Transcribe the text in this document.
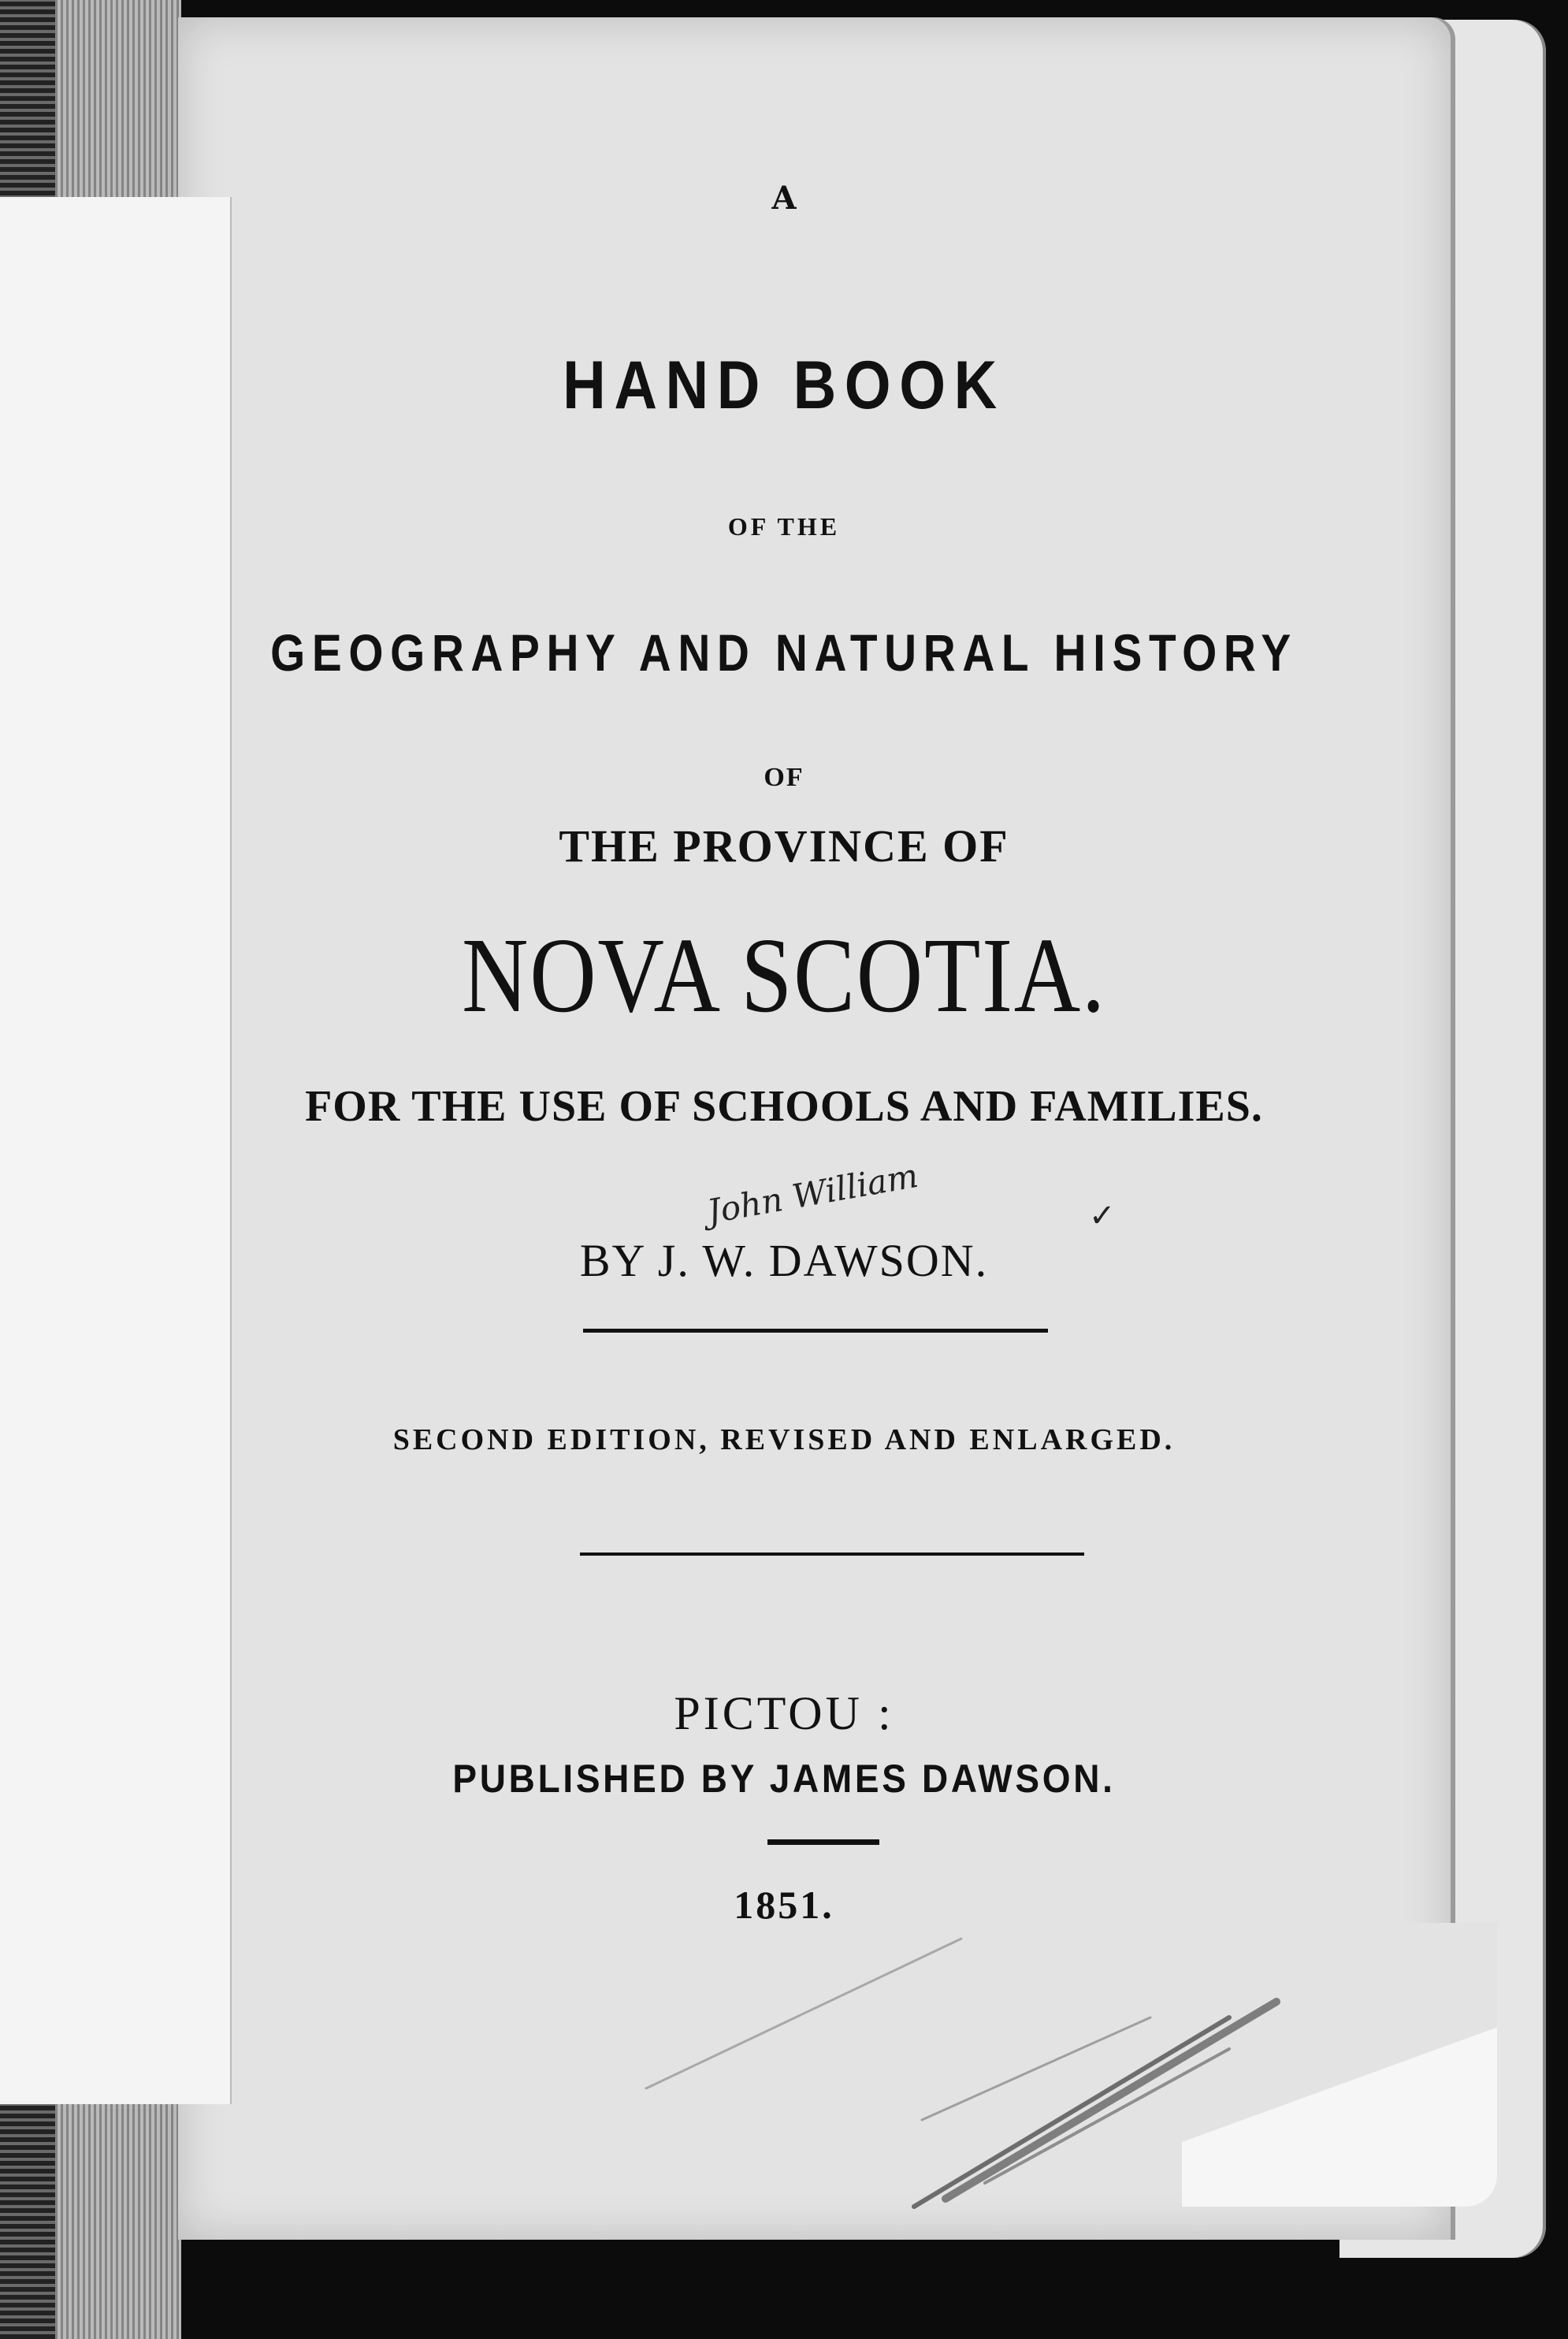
A
HAND BOOK
OF THE
GEOGRAPHY AND NATURAL HISTORY
OF
THE PROVINCE OF
NOVA SCOTIA.
FOR THE USE OF SCHOOLS AND FAMILIES.
BY J. W. DAWSON.
John William	✓
SECOND EDITION, REVISED AND ENLARGED.
PICTOU :
PUBLISHED BY JAMES DAWSON.
1851.
